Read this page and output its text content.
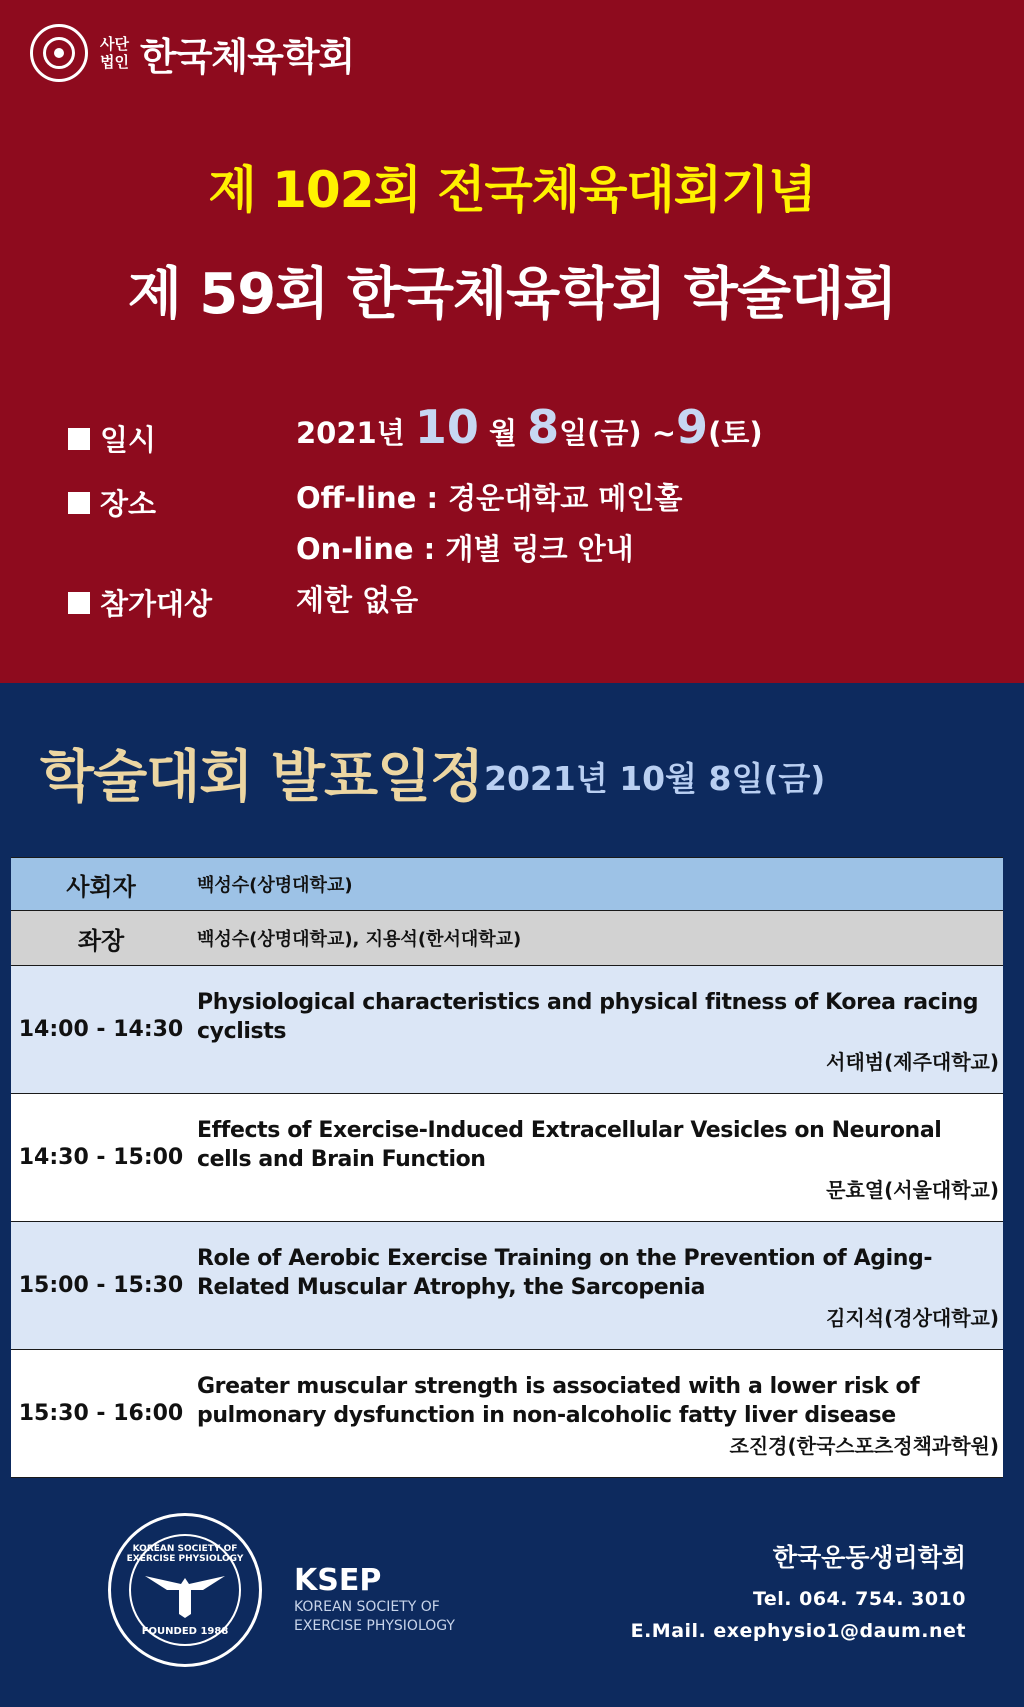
사단 법인 한국체육학회
제 102회 전국체육대회기념
제 59회 한국체육학회 학술대회
일시	2021년 10 월 8일(금) ~9(토)
장소	Off-line : 경운대학교 메인홀
On-line : 개별 링크 안내
참가대상	제한 없음
학술대회 발표일정 2021년 10월 8일(금)
사회자	백성수(상명대학교)
좌장	백성수(상명대학교), 지용석(한서대학교)
14:00 - 14:30
Physiological characteristics and physical fitness of Korea racing cyclists
서태범(제주대학교)
14:30 - 15:00
Effects of Exercise-Induced Extracellular Vesicles on Neuronal cells and Brain Function
문효열(서울대학교)
15:00 - 15:30
Role of Aerobic Exercise Training on the Prevention of Aging-Related Muscular Atrophy, the Sarcopenia
김지석(경상대학교)
15:30 - 16:00
Greater muscular strength is associated with a lower risk of pulmonary dysfunction in non-alcoholic fatty liver disease
조진경(한국스포츠정책과학원)
KOREAN SOCIETY OF EXERCISE PHYSIOLOGY
FOUNDED 1988
KSEP
KOREAN SOCIETY OF
EXERCISE PHYSIOLOGY
한국운동생리학회
Tel. 064. 754. 3010
E.Mail. exephysio1@daum.net
